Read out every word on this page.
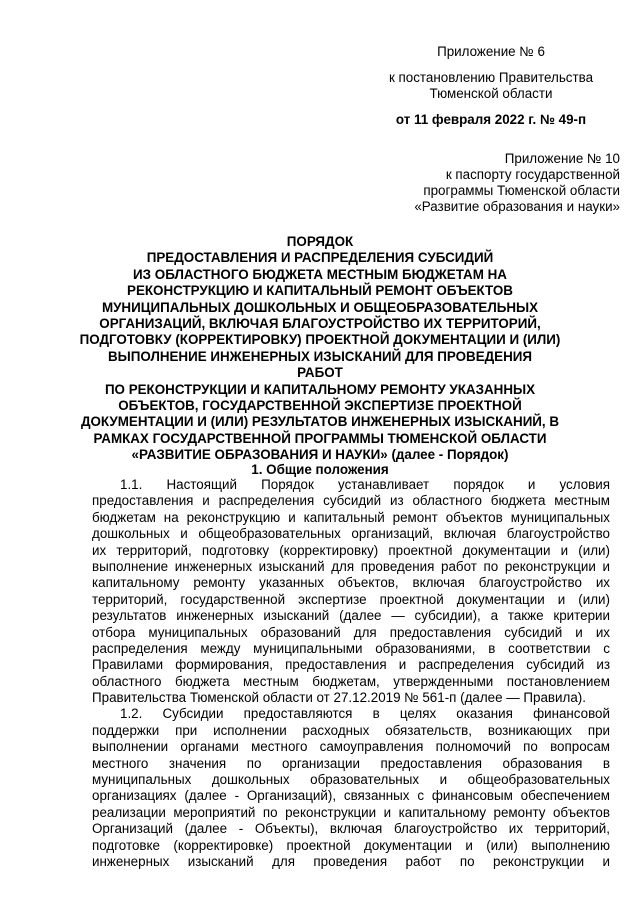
Приложение № 6
к постановлению Правительства
Тюменской области
от 11 февраля 2022 г. № 49-п
Приложение № 10
к паспорту государственной
программы Тюменской области
«Развитие образования и науки»
ПОРЯДОК
ПРЕДОСТАВЛЕНИЯ И РАСПРЕДЕЛЕНИЯ СУБСИДИЙ
ИЗ ОБЛАСТНОГО БЮДЖЕТА МЕСТНЫМ БЮДЖЕТАМ НА
РЕКОНСТРУКЦИЮ И КАПИТАЛЬНЫЙ РЕМОНТ ОБЪЕКТОВ
МУНИЦИПАЛЬНЫХ ДОШКОЛЬНЫХ И ОБЩЕОБРАЗОВАТЕЛЬНЫХ
ОРГАНИЗАЦИЙ, ВКЛЮЧАЯ БЛАГОУСТРОЙСТВО ИХ ТЕРРИТОРИЙ,
ПОДГОТОВКУ (КОРРЕКТИРОВКУ) ПРОЕКТНОЙ ДОКУМЕНТАЦИИ И (ИЛИ)
ВЫПОЛНЕНИЕ ИНЖЕНЕРНЫХ ИЗЫСКАНИЙ ДЛЯ ПРОВЕДЕНИЯ РАБОТ
ПО РЕКОНСТРУКЦИИ И КАПИТАЛЬНОМУ РЕМОНТУ УКАЗАННЫХ
ОБЪЕКТОВ, ГОСУДАРСТВЕННОЙ ЭКСПЕРТИЗЕ ПРОЕКТНОЙ
ДОКУМЕНТАЦИИ И (ИЛИ) РЕЗУЛЬТАТОВ ИНЖЕНЕРНЫХ ИЗЫСКАНИЙ, В
РАМКАХ ГОСУДАРСТВЕННОЙ ПРОГРАММЫ ТЮМЕНСКОЙ ОБЛАСТИ
«РАЗВИТИЕ ОБРАЗОВАНИЯ И НАУКИ» (далее - Порядок)
1. Общие положения
1.1. Настоящий Порядок устанавливает порядок и условия
предоставления и распределения субсидий из областного бюджета местным
бюджетам на реконструкцию и капитальный ремонт объектов муниципальных
дошкольных и общеобразовательных организаций, включая благоустройство
их территорий, подготовку (корректировку) проектной документации и (или)
выполнение инженерных изысканий для проведения работ по реконструкции и
капитальному ремонту указанных объектов, включая благоустройство их
территорий, государственной экспертизе проектной документации и (или)
результатов инженерных изысканий (далее — субсидии), а также критерии
отбора муниципальных образований для предоставления субсидий и их
распределения между муниципальными образованиями, в соответствии с
Правилами формирования, предоставления и распределения субсидий из
областного бюджета местным бюджетам, утвержденными постановлением
Правительства Тюменской области от 27.12.2019 № 561-п (далее — Правила).
1.2. Субсидии предоставляются в целях оказания финансовой
поддержки при исполнении расходных обязательств, возникающих при
выполнении органами местного самоуправления полномочий по вопросам
местного значения по организации предоставления образования в
муниципальных дошкольных образовательных и общеобразовательных
организациях (далее - Организаций), связанных с финансовым обеспечением
реализации мероприятий по реконструкции и капитальному ремонту объектов
Организаций (далее - Объекты), включая благоустройство их территорий,
подготовке (корректировке) проектной документации и (или) выполнению
инженерных изысканий для проведения работ по реконструкции и
